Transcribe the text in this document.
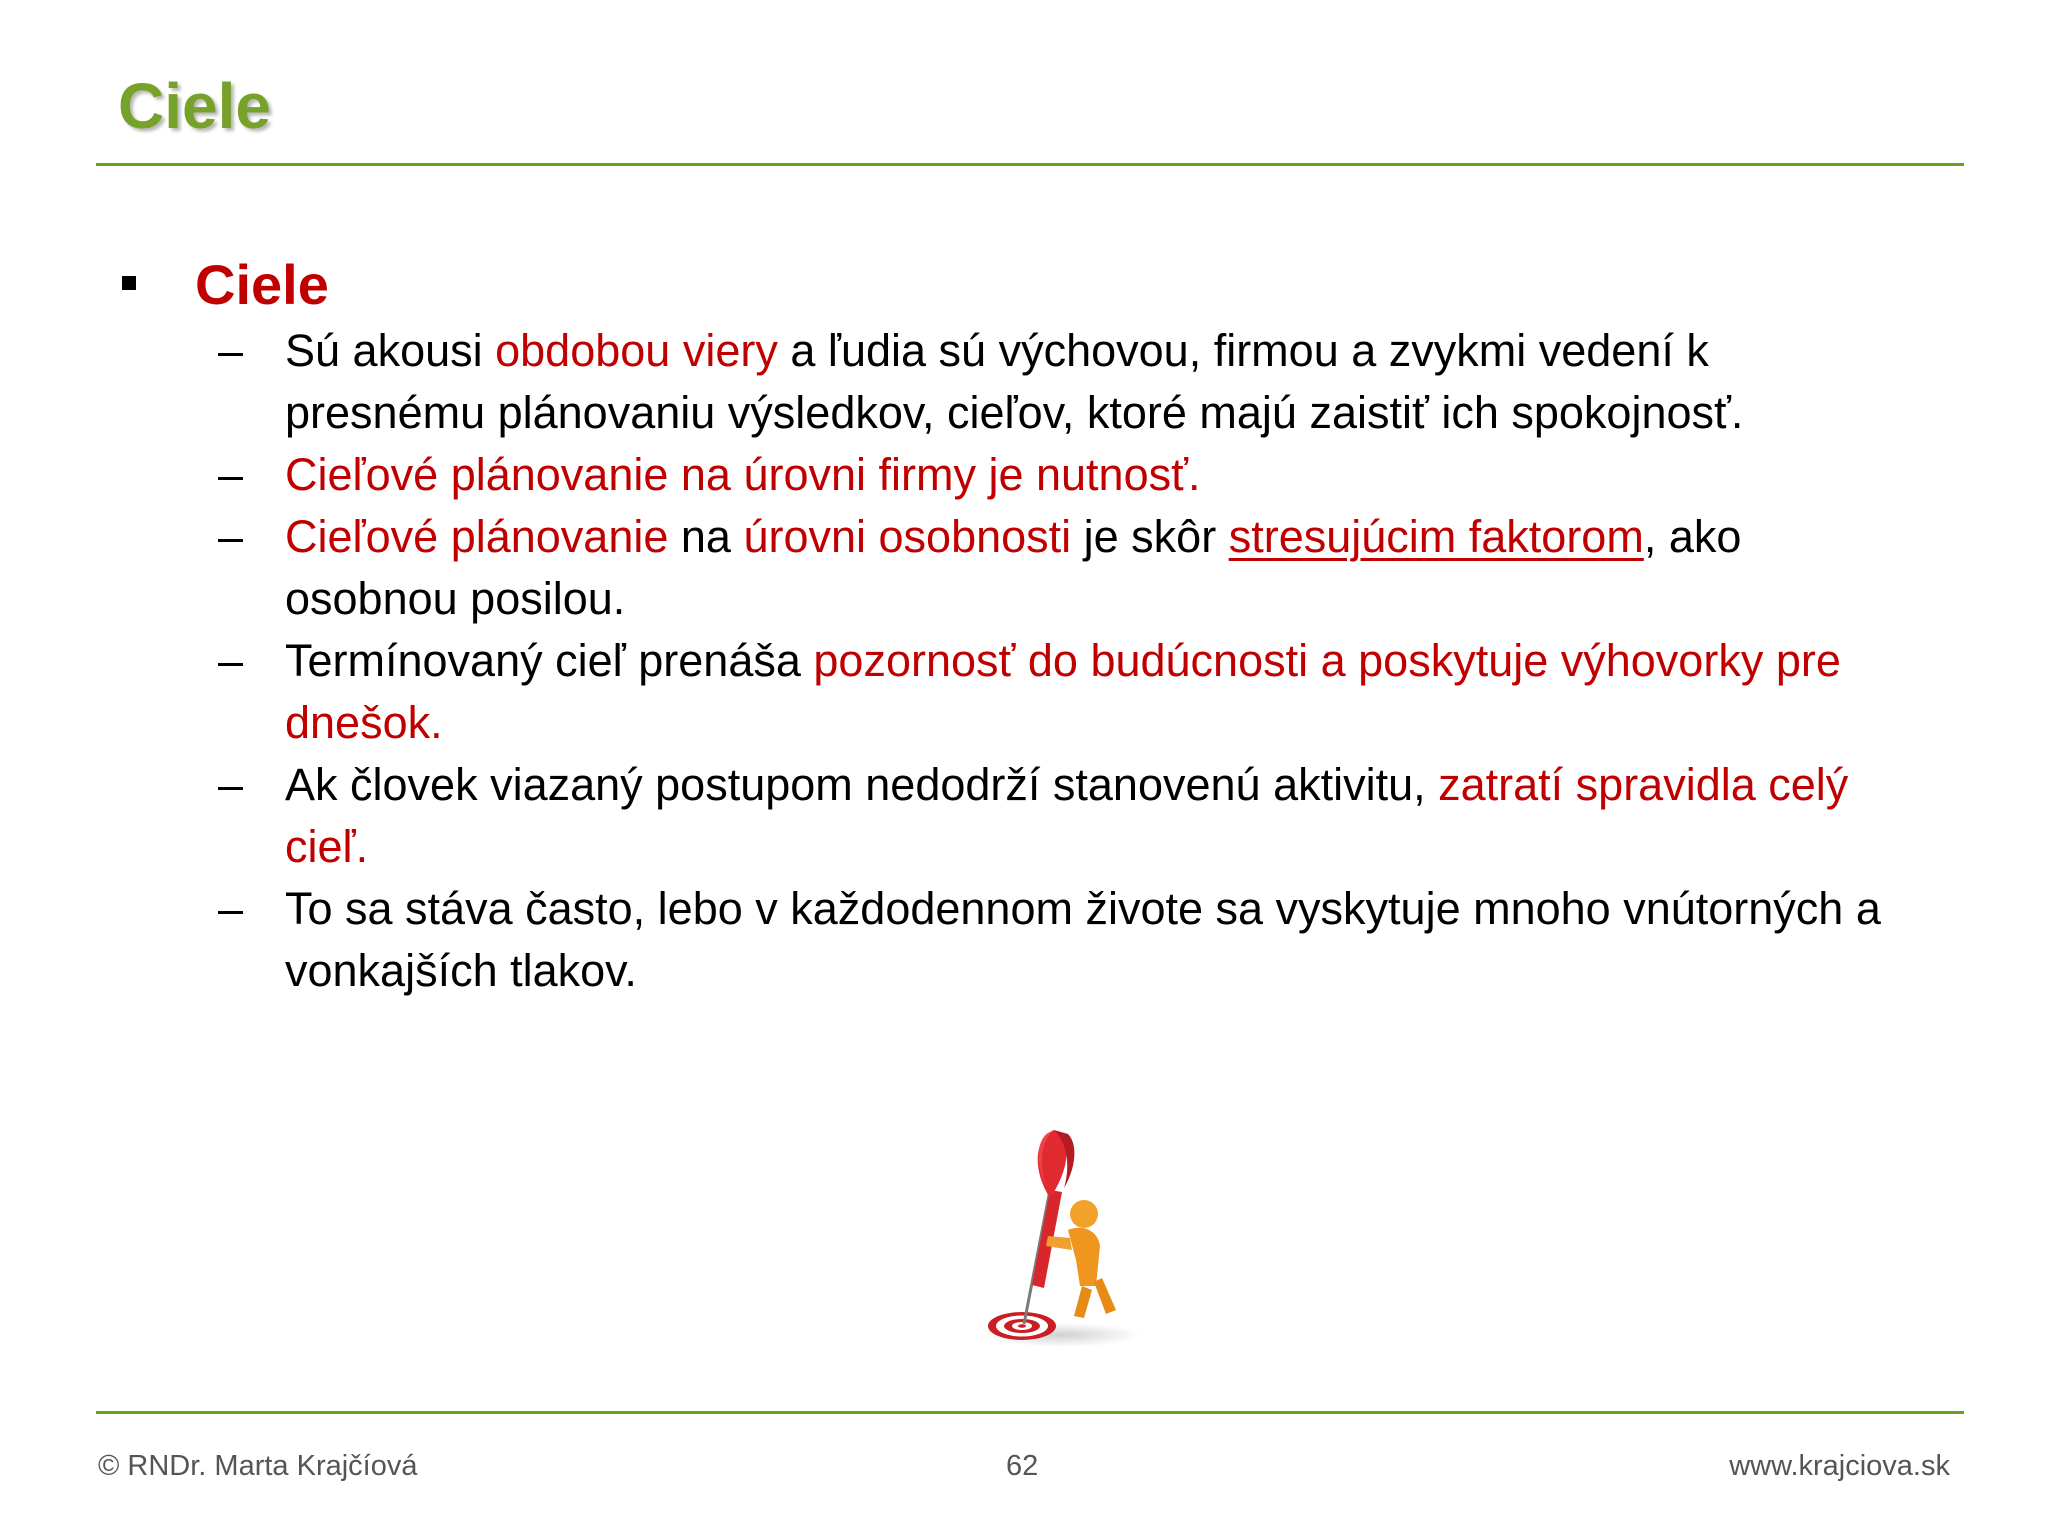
Ciele
Ciele
– Sú akousi obdobou viery a ľudia sú výchovou, firmou a zvykmi vedení k presnému plánovaniu výsledkov, cieľov, ktoré majú zaistiť ich spokojnosť.
– Cieľové plánovanie na úrovni firmy je nutnosť.
– Cieľové plánovanie na úrovni osobnosti je skôr stresujúcim faktorom, ako osobnou posilou.
– Termínovaný cieľ prenáša pozornosť do budúcnosti a poskytuje výhovorky pre dnešok.
– Ak človek viazaný postupom nedodrží stanovenú aktivitu, zatratí spravidla celý cieľ.
– To sa stáva často, lebo v každodennom živote sa vyskytuje mnoho vnútorných a vonkajších tlakov.
© RNDr. Marta Krajčíová	62	www.krajciova.sk
